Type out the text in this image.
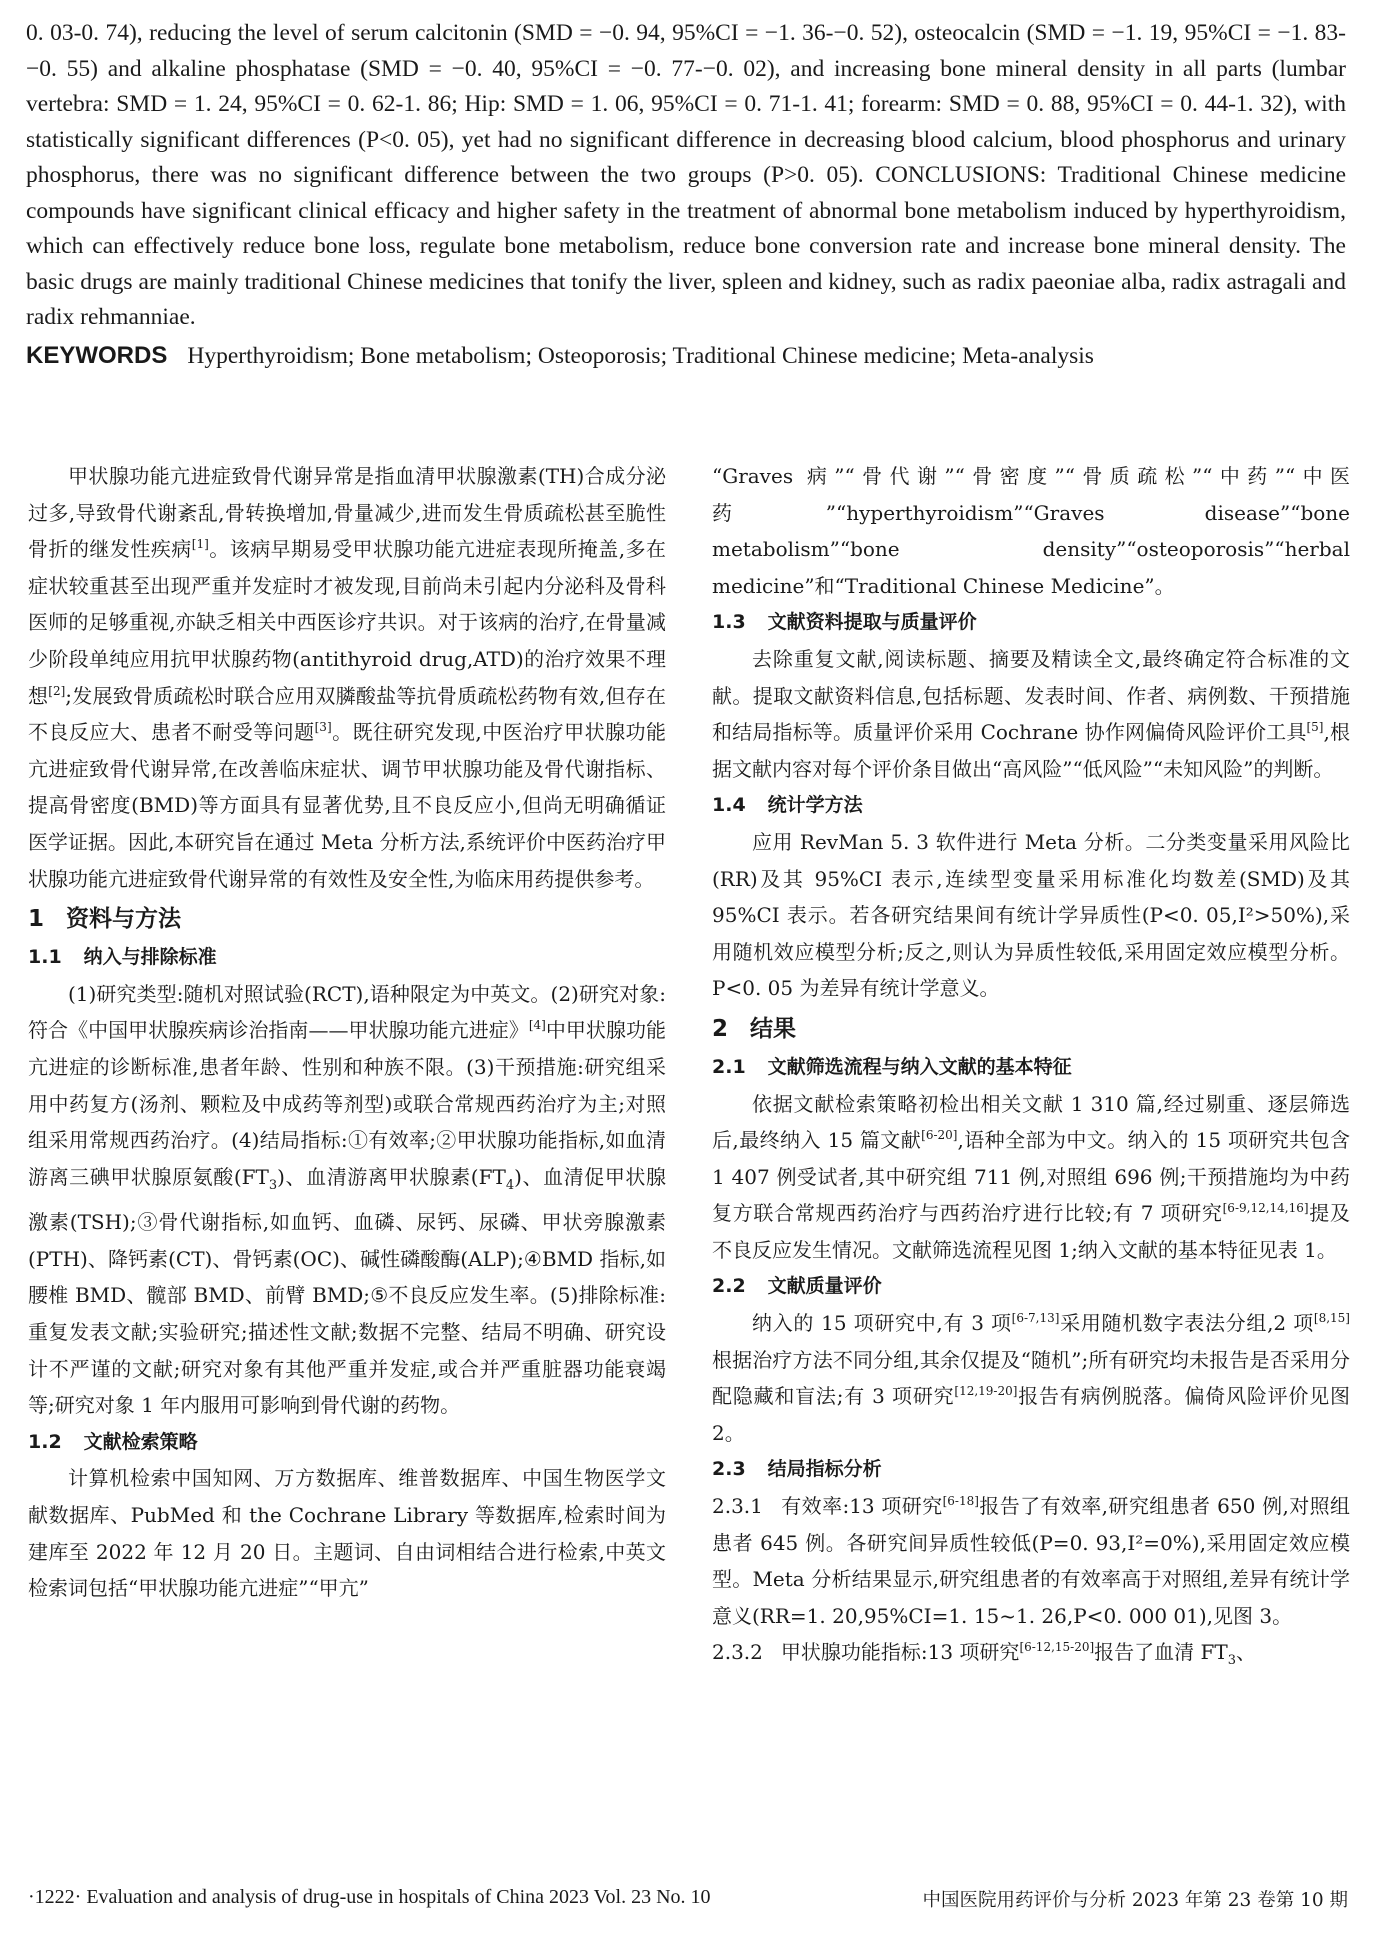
0. 03-0. 74), reducing the level of serum calcitonin (SMD = −0. 94, 95%CI = −1. 36-−0. 52), osteocalcin (SMD = −1. 19, 95%CI = −1. 83-−0. 55) and alkaline phosphatase (SMD = −0. 40, 95%CI = −0. 77-−0. 02), and increasing bone mineral density in all parts (lumbar vertebra: SMD = 1. 24, 95%CI = 0. 62-1. 86; Hip: SMD = 1. 06, 95%CI = 0. 71-1. 41; forearm: SMD = 0. 88, 95%CI = 0. 44-1. 32), with statistically significant differences (P<0. 05), yet had no significant difference in decreasing blood calcium, blood phosphorus and urinary phosphorus, there was no significant difference between the two groups (P>0. 05). CONCLUSIONS: Traditional Chinese medicine compounds have significant clinical efficacy and higher safety in the treatment of abnormal bone metabolism induced by hyperthyroidism, which can effectively reduce bone loss, regulate bone metabolism, reduce bone conversion rate and increase bone mineral density. The basic drugs are mainly traditional Chinese medicines that tonify the liver, spleen and kidney, such as radix paeoniae alba, radix astragali and radix rehmanniae.

KEYWORDS Hyperthyroidism; Bone metabolism; Osteoporosis; Traditional Chinese medicine; Meta-analysis

甲状腺功能亢进症致骨代谢异常是指血清甲状腺激素(TH)合成分泌过多,导致骨代谢紊乱,骨转换增加,骨量减少,进而发生骨质疏松甚至脆性骨折的继发性疾病[1]。该病早期易受甲状腺功能亢进症表现所掩盖,多在症状较重甚至出现严重并发症时才被发现,目前尚未引起内分泌科及骨科医师的足够重视,亦缺乏相关中西医诊疗共识。对于该病的治疗,在骨量减少阶段单纯应用抗甲状腺药物(antithyroid drug,ATD)的治疗效果不理想[2];发展致骨质疏松时联合应用双膦酸盐等抗骨质疏松药物有效,但存在不良反应大、患者不耐受等问题[3]。既往研究发现,中医治疗甲状腺功能亢进症致骨代谢异常,在改善临床症状、调节甲状腺功能及骨代谢指标、提高骨密度(BMD)等方面具有显著优势,且不良反应小,但尚无明确循证医学证据。因此,本研究旨在通过 Meta 分析方法,系统评价中医药治疗甲状腺功能亢进症致骨代谢异常的有效性及安全性,为临床用药提供参考。

1 资料与方法
1.1 纳入与排除标准

(1)研究类型:随机对照试验(RCT),语种限定为中英文。(2)研究对象:符合《中国甲状腺疾病诊治指南——甲状腺功能亢进症》[4]中甲状腺功能亢进症的诊断标准,患者年龄、性别和种族不限。(3)干预措施:研究组采用中药复方(汤剂、颗粒及中成药等剂型)或联合常规西药治疗为主;对照组采用常规西药治疗。(4)结局指标:①有效率;②甲状腺功能指标,如血清游离三碘甲状腺原氨酸$(FT_3)$、血清游离甲状腺素$(FT_4)$、血清促甲状腺激素(TSH);③骨代谢指标,如血钙、血磷、尿钙、尿磷、甲状旁腺激素(PTH)、降钙素(CT)、骨钙素(OC)、碱性磷酸酶(ALP);④BMD 指标,如腰椎 BMD、髋部 BMD、前臂 BMD;⑤不良反应发生率。(5)排除标准:重复发表文献;实验研究;描述性文献;数据不完整、结局不明确、研究设计不严谨的文献;研究对象有其他严重并发症,或合并严重脏器功能衰竭等;研究对象 1 年内服用可影响到骨代谢的药物。

1.2 文献检索策略

计算机检索中国知网、万方数据库、维普数据库、中国生物医学文献数据库、PubMed 和 the Cochrane Library 等数据库,检索时间为建库至 2022 年 12 月 20 日。主题词、自由词相结合进行检索,中英文检索词包括“甲状腺功能亢进症”“甲亢”

“Graves 病”“骨代谢”“骨密度”“骨质疏松”“中药”“中医药”“hyperthyroidism”“Graves disease”“bone metabolism”“bone density”“osteoporosis”“herbal medicine”和“Traditional Chinese Medicine”。

1.3 文献资料提取与质量评价

去除重复文献,阅读标题、摘要及精读全文,最终确定符合标准的文献。提取文献资料信息,包括标题、发表时间、作者、病例数、干预措施和结局指标等。质量评价采用 Cochrane 协作网偏倚风险评价工具[5],根据文献内容对每个评价条目做出“高风险”“低风险”“未知风险”的判断。

1.4 统计学方法

应用 RevMan 5. 3 软件进行 Meta 分析。二分类变量采用风险比(RR)及其 95%CI 表示,连续型变量采用标准化均数差(SMD)及其 95%CI 表示。若各研究结果间有统计学异质性(P<0. 05,I²>50%),采用随机效应模型分析;反之,则认为异质性较低,采用固定效应模型分析。P<0. 05 为差异有统计学意义。

2 结果
2.1 文献筛选流程与纳入文献的基本特征

依据文献检索策略初检出相关文献 1 310 篇,经过剔重、逐层筛选后,最终纳入 15 篇文献[6-20],语种全部为中文。纳入的 15 项研究共包含 1 407 例受试者,其中研究组 711 例,对照组 696 例;干预措施均为中药复方联合常规西药治疗与西药治疗进行比较;有 7 项研究[6-9,12,14,16]提及不良反应发生情况。文献筛选流程见图 1;纳入文献的基本特征见表 1。

2.2 文献质量评价

纳入的 15 项研究中,有 3 项[6-7,13]采用随机数字表法分组,2 项[8,15]根据治疗方法不同分组,其余仅提及“随机”;所有研究均未报告是否采用分配隐藏和盲法;有 3 项研究[12,19-20]报告有病例脱落。偏倚风险评价见图 2。

2.3 结局指标分析

2.3.1 有效率:13 项研究[6-18]报告了有效率,研究组患者 650 例,对照组患者 645 例。各研究间异质性较低(P=0. 93,I²=0%),采用固定效应模型。Meta 分析结果显示,研究组患者的有效率高于对照组,差异有统计学意义(RR=1. 20,95%CI=1. 15~1. 26,P<0. 000 01),见图 3。

2.3.2 甲状腺功能指标:13 项研究[6-12,15-20]报告了血清 $FT_3$、

·1222· Evaluation and analysis of drug-use in hospitals of China 2023 Vol. 23 No. 10	中国医院用药评价与分析 2023 年第 23 卷第 10 期
